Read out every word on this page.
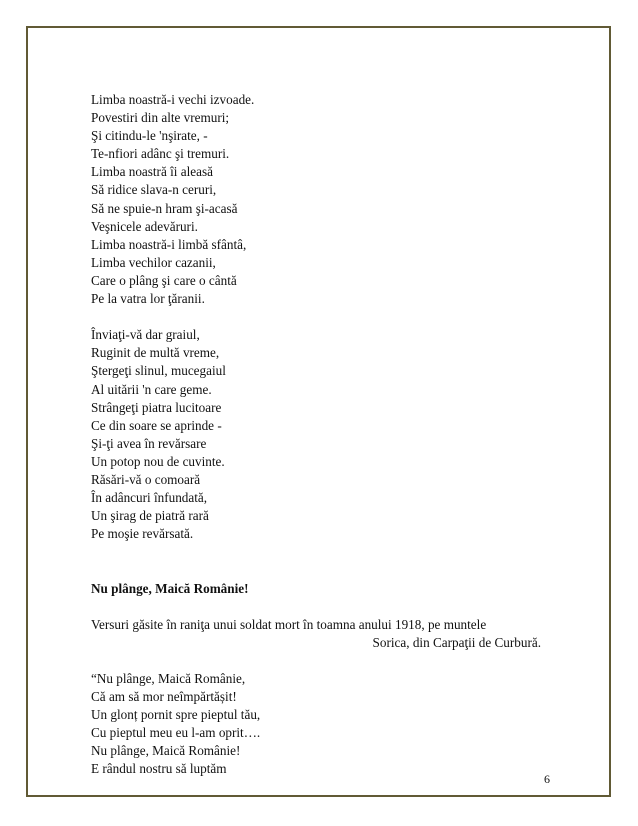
Limba noastră-i vechi izvoade.
Povestiri din alte vremuri;
Şi citindu-le 'nşirate, -
Te-nfiori adânc şi tremuri.
Limba noastră îi aleasă
Să ridice slava-n ceruri,
Să ne spuie-n hram şi-acasă
Veşnicele adevăruri.
Limba noastră-i limbă sfântâ,
Limba vechilor cazanii,
Care o plâng şi care o cântă
Pe la vatra lor ţăranii.
Înviaţi-vă dar graiul,
Ruginit de multă vreme,
Ştergeţi slinul, mucegaiul
Al uitării 'n care geme.
Strângeţi piatra lucitoare
Ce din soare se aprinde -
Şi-ţi avea în revărsare
Un potop nou de cuvinte.
Răsări-vă o comoară
În adâncuri înfundată,
Un şirag de piatră rară
Pe moşie revărsată.
Nu plânge, Maică Românie!
Versuri găsite în raniţa unui soldat mort în toamna anului 1918, pe muntele
Sorica, din Carpaţii de Curbură.
“Nu plânge, Maică Românie,
Că am să mor neîmpărtășit!
Un glonț pornit spre pieptul tău,
Cu pieptul meu eu l-am oprit….
Nu plânge, Maică Românie!
E rândul nostru să luptăm
6
